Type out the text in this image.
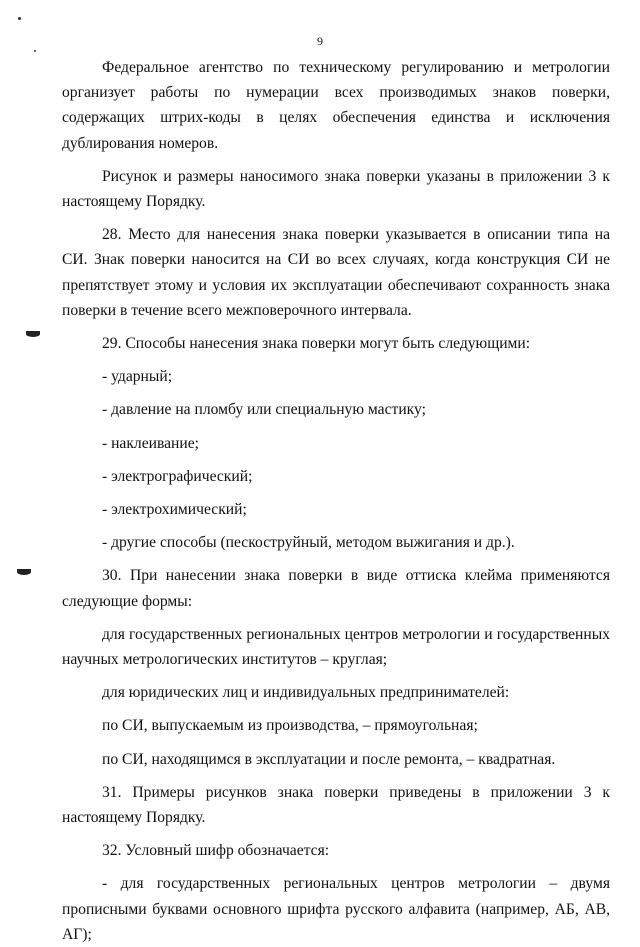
9

Федеральное агентство по техническому регулированию и метрологии организует работы по нумерации всех производимых знаков поверки, содержащих штрих-коды в целях обеспечения единства и исключения дублирования номеров.

Рисунок и размеры наносимого знака поверки указаны в приложении 3 к настоящему Порядку.

28. Место для нанесения знака поверки указывается в описании типа на СИ. Знак поверки наносится на СИ во всех случаях, когда конструкция СИ не препятствует этому и условия их эксплуатации обеспечивают сохранность знака поверки в течение всего межповерочного интервала.

29. Способы нанесения знака поверки могут быть следующими:

- ударный;

- давление на пломбу или специальную мастику;

- наклеивание;

- электрографический;

- электрохимический;

- другие способы (пескоструйный, методом выжигания и др.).

30. При нанесении знака поверки в виде оттиска клейма применяются следующие формы:

для государственных региональных центров метрологии и государственных научных метрологических институтов – круглая;

для юридических лиц и индивидуальных предпринимателей:

по СИ, выпускаемым из производства, – прямоугольная;

по СИ, находящимся в эксплуатации и после ремонта, – квадратная.

31. Примеры рисунков знака поверки приведены в приложении 3 к настоящему Порядку.

32. Условный шифр обозначается:

- для государственных региональных центров метрологии – двумя прописными буквами основного шрифта русского алфавита (например, АБ, АВ, АГ);
